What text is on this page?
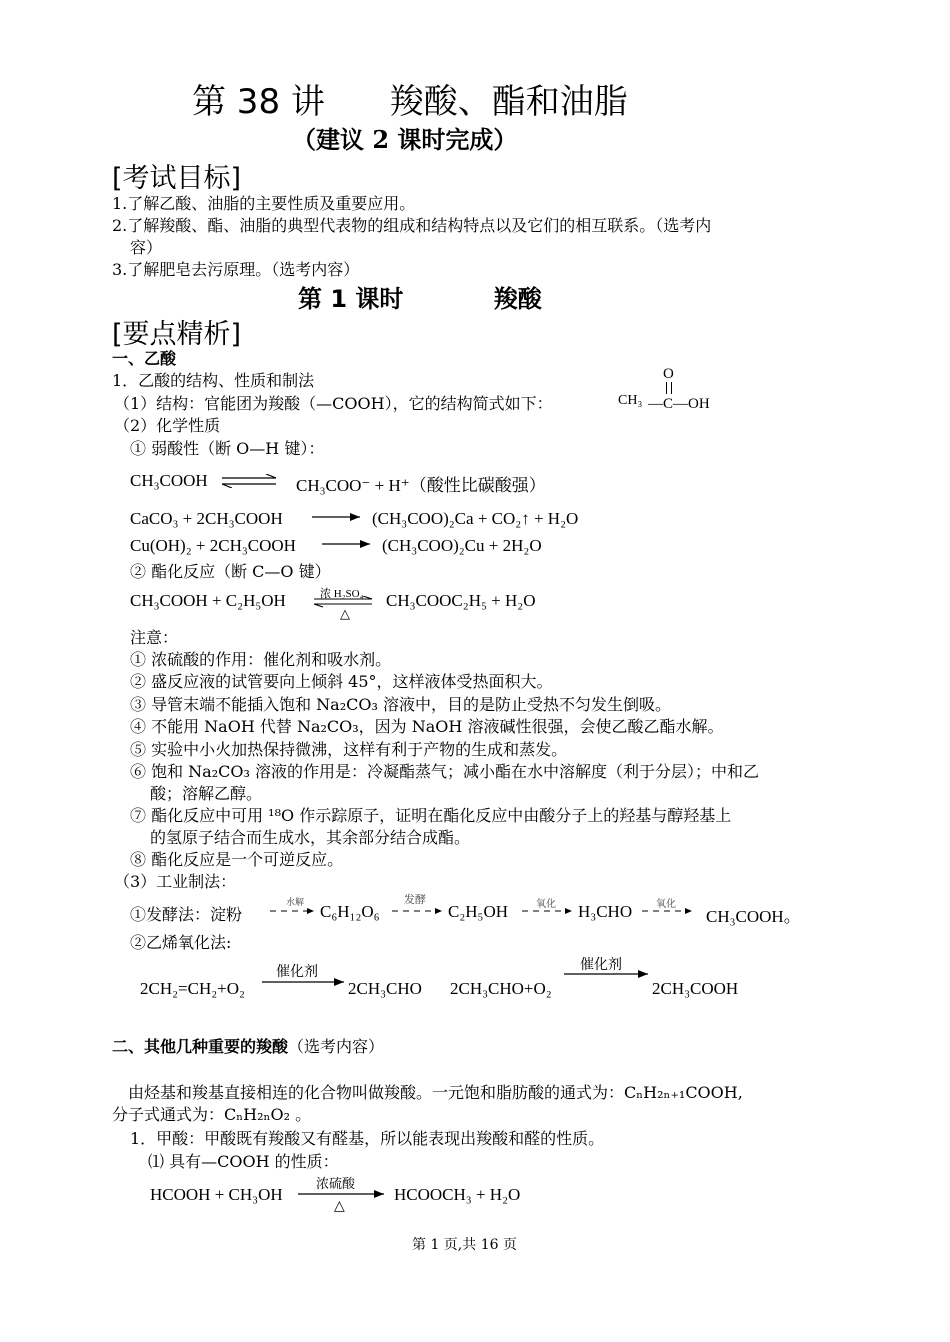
第 38 讲 羧酸、酯和油脂
（建议 2 课时完成）
[考试目标]
1.了解乙酸、油脂的主要性质及重要应用。
2.了解羧酸、酯、油脂的典型代表物的组成和结构特点以及它们的相互联系。（选考内
容）
3.了解肥皂去污原理。（选考内容）
第 1 课时	羧酸
[要点精析]
一、乙酸
1．乙酸的结构、性质和制法
（1）结构：官能团为羧酸（—COOH），它的结构简式如下：
O
CH₃ —C—OH
（2）化学性质
① 弱酸性（断 O—H 键）：
CH₃COOH ⇌ CH₃COO⁻ + H⁺（酸性比碳酸强）
CaCO₃ + 2CH₃COOH → (CH₃COO)₂Ca + CO₂↑ + H₂O
Cu(OH)₂ + 2CH₃COOH → (CH₃COO)₂Cu + 2H₂O
② 酯化反应（断 C—O 键）
CH₃COOH + C₂H₅OH	浓 H₂SO₄
△
CH₃COOC₂H₅ + H₂O
注意：
① 浓硫酸的作用：催化剂和吸水剂。
② 盛反应液的试管要向上倾斜 45°，这样液体受热面积大。
③ 导管末端不能插入饱和 Na₂CO₃ 溶液中，目的是防止受热不匀发生倒吸。
④ 不能用 NaOH 代替 Na₂CO₃，因为 NaOH 溶液碱性很强，会使乙酸乙酯水解。
⑤ 实验中小火加热保持微沸，这样有利于产物的生成和蒸发。
⑥ 饱和 Na₂CO₃ 溶液的作用是：冷凝酯蒸气；减小酯在水中溶解度（利于分层）；中和乙
酸；溶解乙醇。
⑦ 酯化反应中可用 ¹⁸O 作示踪原子，证明在酯化反应中由酸分子上的羟基与醇羟基上
的氢原子结合而生成水，其余部分结合成酯。
⑧ 酯化反应是一个可逆反应。
（3）工业制法：
①发酵法：淀粉
水解 C₆H₁₂O₆
发酵
C₂H₅OH	氧化 H₃CHO 氧化
CH₃COOH。
②乙烯氧化法:
2CH₂=CH₂+O₂
催化剂
2CH₃CHO 2CH₃CHO+O₂
催化剂
2CH₃COOH
二、其他几种重要的羧酸（选考内容）
由烃基和羧基直接相连的化合物叫做羧酸。一元饱和脂肪酸的通式为：CₙH₂ₙ₊₁COOH,
分子式通式为：CₙH₂ₙO₂ 。
1．甲酸：甲酸既有羧酸又有醛基，所以能表现出羧酸和醛的性质。
⑴ 具有—COOH 的性质：
HCOOH + CH₃OH
浓硫酸
△
HCOOCH₃ + H₂O
第 1 页,共 16 页
